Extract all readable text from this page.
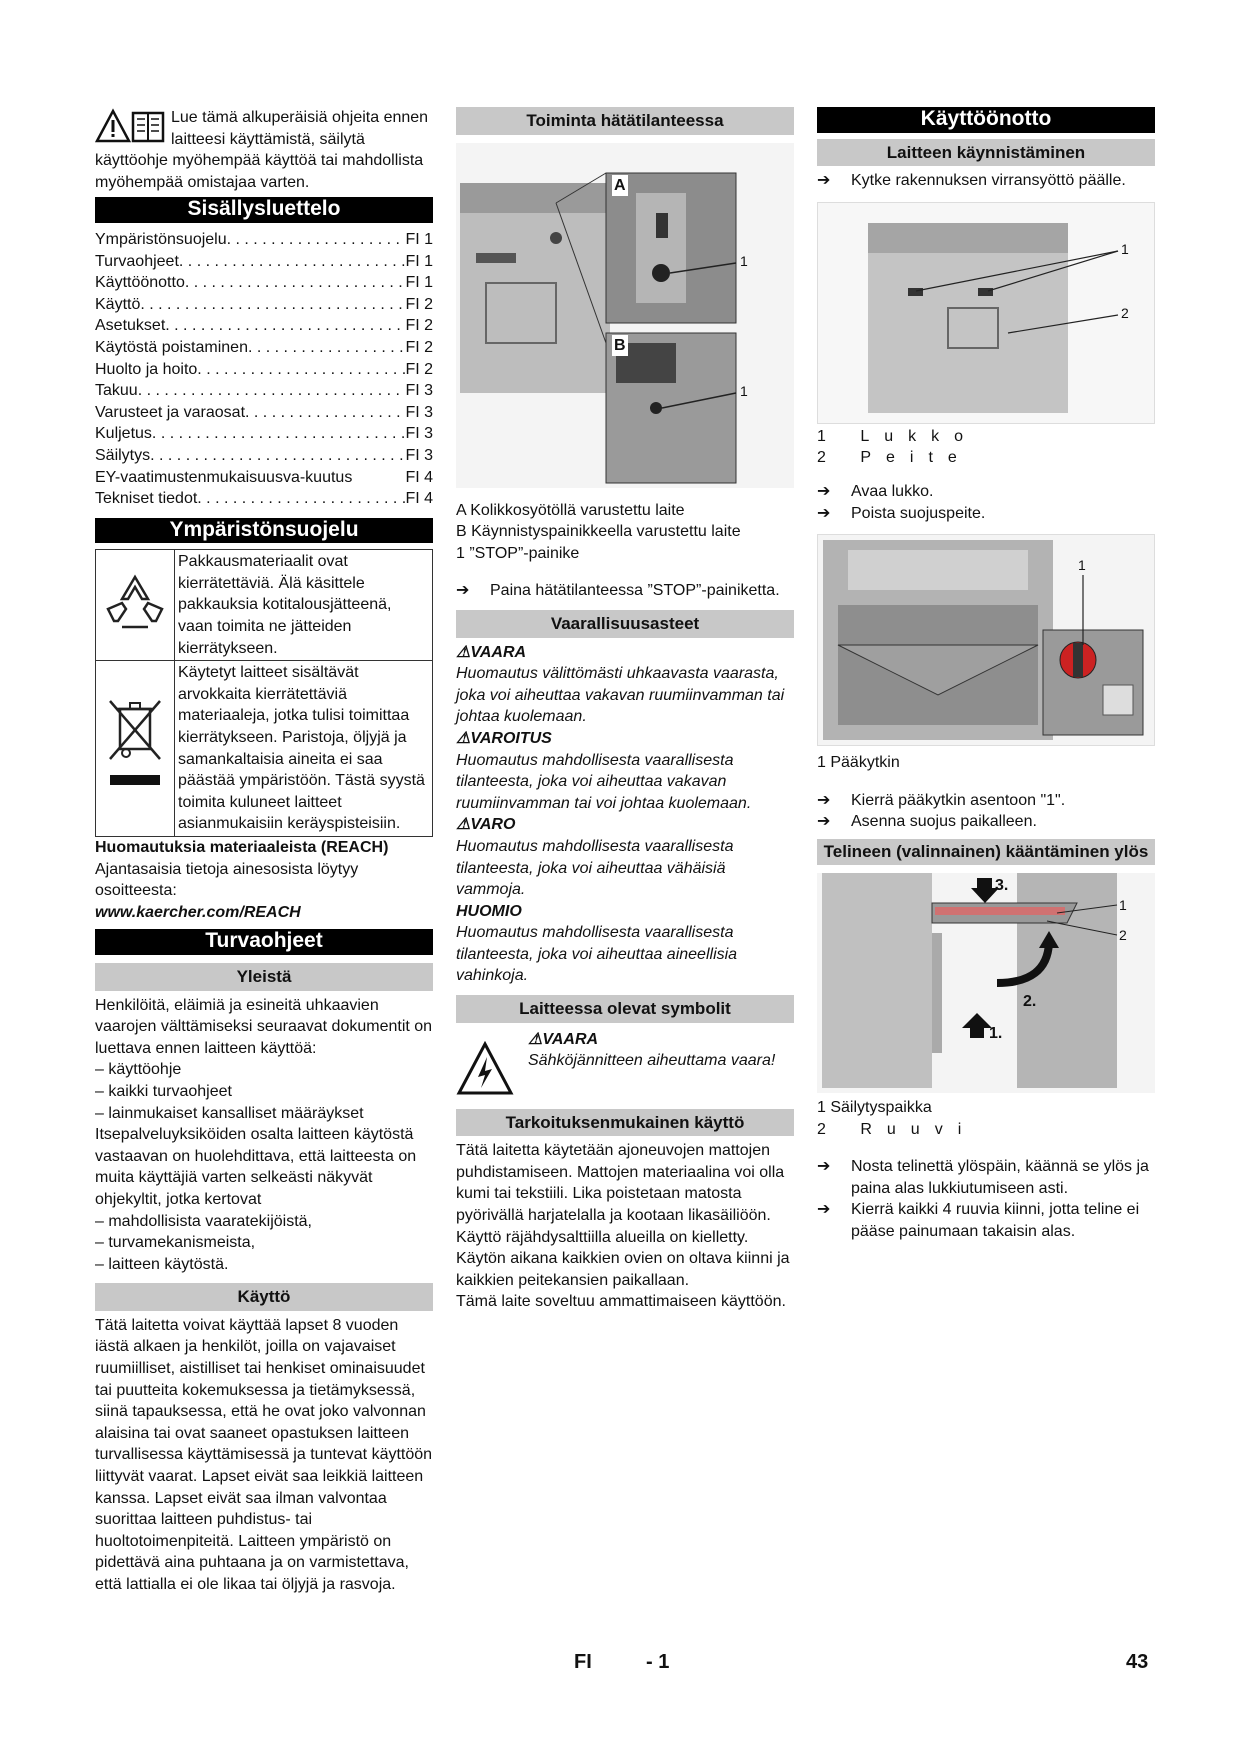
Lue tämä alkuperäisiä ohjeita ennen laitteesi käyttämistä, säilytä käyttöohje myöhempää käyttöä tai mahdollista myöhempää omistajaa varten.

Sisällysluettelo
Ympäristönsuojelu . . .	FI 1
Turvaohjeet . . .	FI 1
Käyttöönotto . . .	FI 1
Käyttö . . .	FI 2
Asetukset . . .	FI 2
Käytöstä poistaminen . . .	FI 2
Huolto ja hoito . . .	FI 2
Takuu . . .	FI 3
Varusteet ja varaosat . . .	FI 3
Kuljetus . . .	FI 3
Säilytys . . .	FI 3
EY-vaatimustenmukaisuusva-kuutus	FI 4
Tekniset tiedot . . .	FI 4
Ympäristönsuojelu
	Pakkausmateriaalit ovat kierrätettäviä. Älä käsittele pakkauksia kotitalousjätteenä, vaan toimita ne jätteiden kierrätykseen.
	Käytetyt laitteet sisältävät arvokkaita kierrätettäviä materiaaleja, jotka tulisi toimittaa kierrätykseen. Paristoja, öljyjä ja samankaltaisia aineita ei saa päästää ympäristöön. Tästä syystä toimita kuluneet laitteet asianmukaisiin keräyspisteisiin.

Huomautuksia materiaaleista (REACH)

Ajantasaisia tietoja ainesosista löytyy osoitteesta:

www.kaercher.com/REACH

Turvaohjeet
Yleistä

Henkilöitä, eläimiä ja esineitä uhkaavien vaarojen välttämiseksi seuraavat dokumentit on luettava ennen laitteen käyttöä:

– käyttöohje

– kaikki turvaohjeet

– lainmukaiset kansalliset määräykset

Itsepalveluyksiköiden osalta laitteen käytöstä vastaavan on huolehdittava, että laitteesta on muita käyttäjiä varten selkeästi näkyvät ohjekyltit, jotka kertovat

– mahdollisista vaaratekijöistä,

– turvamekanismeista,

– laitteen käytöstä.

Käyttö

Tätä laitetta voivat käyttää lapset 8 vuoden iästä alkaen ja henkilöt, joilla on vajavaiset ruumiilliset, aistilliset tai henkiset ominaisuudet tai puutteita kokemuksessa ja tietämyksessä, siinä tapauksessa, että he ovat joko valvonnan alaisina tai ovat saaneet opastuksen laitteen turvallisessa käyttämisessä ja tuntevat käyttöön liittyvät vaarat. Lapset eivät saa leikkiä laitteen kanssa. Lapset eivät saa ilman valvontaa suorittaa laitteen puhdistus- tai huoltotoimenpiteitä. Laitteen ympäristö on pidettävä aina puhtaana ja on varmistettava, että lattialla ei ole likaa tai öljyjä ja rasvoja.

Toiminta hätätilanteessa
A
B
1
1

A Kolikkosyötöllä varustettu laite

B Käynnistyspainikkeella varustettu laite

1 ”STOP”-painike

➔	Paina hätätilanteessa ”STOP”-painiketta.
Vaarallisuusasteet

⚠VAARA

Huomautus välittömästi uhkaavasta vaarasta, joka voi aiheuttaa vakavan ruumiinvamman tai johtaa kuolemaan.

⚠VAROITUS

Huomautus mahdollisesta vaarallisesta tilanteesta, joka voi aiheuttaa vakavan ruumiinvamman tai voi johtaa kuolemaan.

⚠VARO

Huomautus mahdollisesta vaarallisesta tilanteesta, joka voi aiheuttaa vähäisiä vammoja.

HUOMIO

Huomautus mahdollisesta vaarallisesta tilanteesta, joka voi aiheuttaa aineellisia vahinkoja.

Laitteessa olevat symbolit

⚠VAARA

Sähköjännitteen aiheuttama vaara!

Tarkoituksenmukainen käyttö

Tätä laitetta käytetään ajoneuvojen mattojen puhdistamiseen. Mattojen materiaalina voi olla kumi tai tekstiili. Lika poistetaan matosta pyörivällä harjatelalla ja kootaan likasäiliöön.

Käyttö räjähdysalttiilla alueilla on kielletty.

Käytön aikana kaikkien ovien on oltava kiinni ja kaikkien peitekansien paikallaan.

Tämä laite soveltuu ammattimaiseen käyttöön.

Käyttöönotto
Laitteen käynnistäminen
➔	Kytke rakennuksen virransyöttö päälle.
1
2

1 Lukko

2 Peite

➔	Avaa lukko.
➔	Poista suojuspeite.
1

1 Pääkytkin

➔	Kierrä pääkytkin asentoon "1".
➔	Asenna suojus paikalleen.
Telineen (valinnainen) kääntäminen ylös
3.
2.
1.
1
2

1 Säilytyspaikka

2 Ruuvi

➔	Nosta telinettä ylöspäin, käännä se ylös ja paina alas lukkiutumiseen asti.
➔	Kierrä kaikki 4 ruuvia kiinni, jotta teline ei pääse painumaan takaisin alas.
FI	- 1	43
